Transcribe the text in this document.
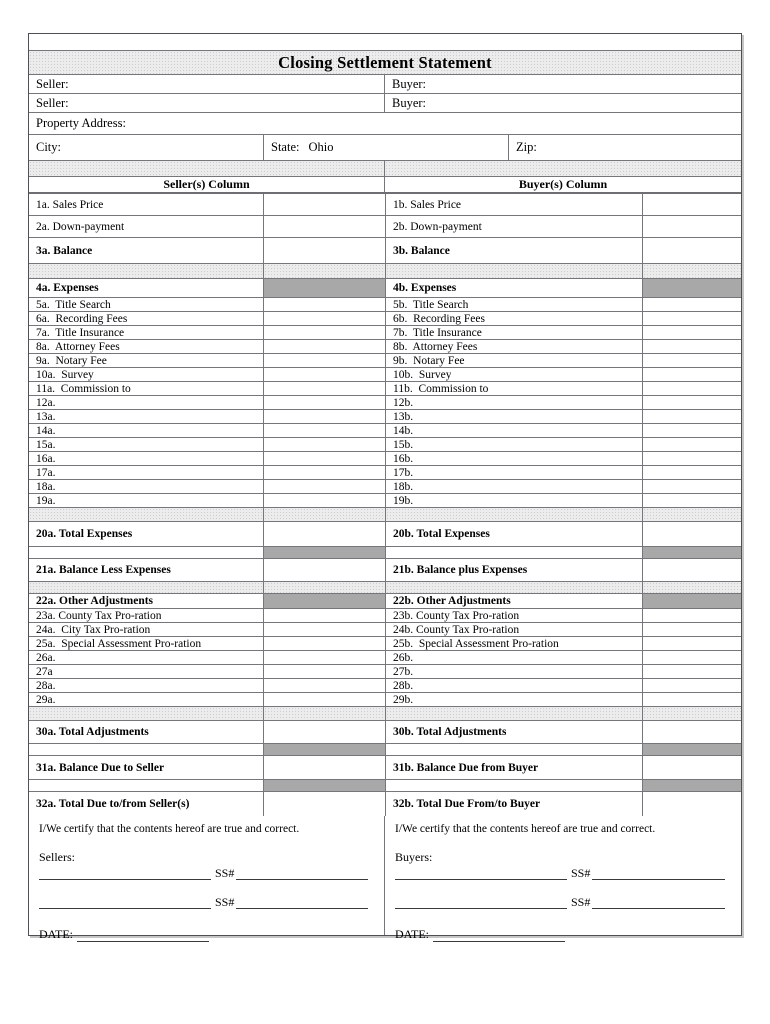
Closing Settlement Statement
Seller:	Buyer:
Seller:	Buyer:
Property Address:
City:	State: Ohio	Zip:
Seller(s) Column	Buyer(s) Column
1a. Sales Price	1b. Sales Price
2a. Down-payment	2b. Down-payment
3a. Balance	3b. Balance
4a. Expenses	4b. Expenses
5a.  Title Search	5b.  Title Search
6a.  Recording Fees	6b.  Recording Fees
7a.  Title Insurance	7b.  Title Insurance
8a.  Attorney Fees	8b.  Attorney Fees
9a.  Notary Fee	9b.  Notary Fee
10a.  Survey	10b.  Survey
11a.  Commission to	11b.  Commission to
12a.	12b.
13a.	13b.
14a.	14b.
15a.	15b.
16a.	16b.
17a.	17b.
18a.	18b.
19a.	19b.
20a. Total Expenses	20b. Total Expenses
21a. Balance Less Expenses	21b. Balance plus Expenses
22a. Other Adjustments	22b. Other Adjustments
23a. County Tax Pro-ration	23b. County Tax Pro-ration
24a.  City Tax Pro-ration	24b. County Tax Pro-ration
25a.  Special Assessment Pro-ration	25b.  Special Assessment Pro-ration
26a.	26b.
27a	27b.
28a.	28b.
29a.	29b.
30a. Total Adjustments	30b. Total Adjustments
31a. Balance Due to Seller	31b. Balance Due from Buyer
32a. Total Due to/from Seller(s)	32b. Total Due From/to Buyer
I/We certify that the contents hereof are true and correct.
Sellers:
SS#
SS#
DATE:
I/We certify that the contents hereof are true and correct.
Buyers:
SS#
SS#
DATE:
